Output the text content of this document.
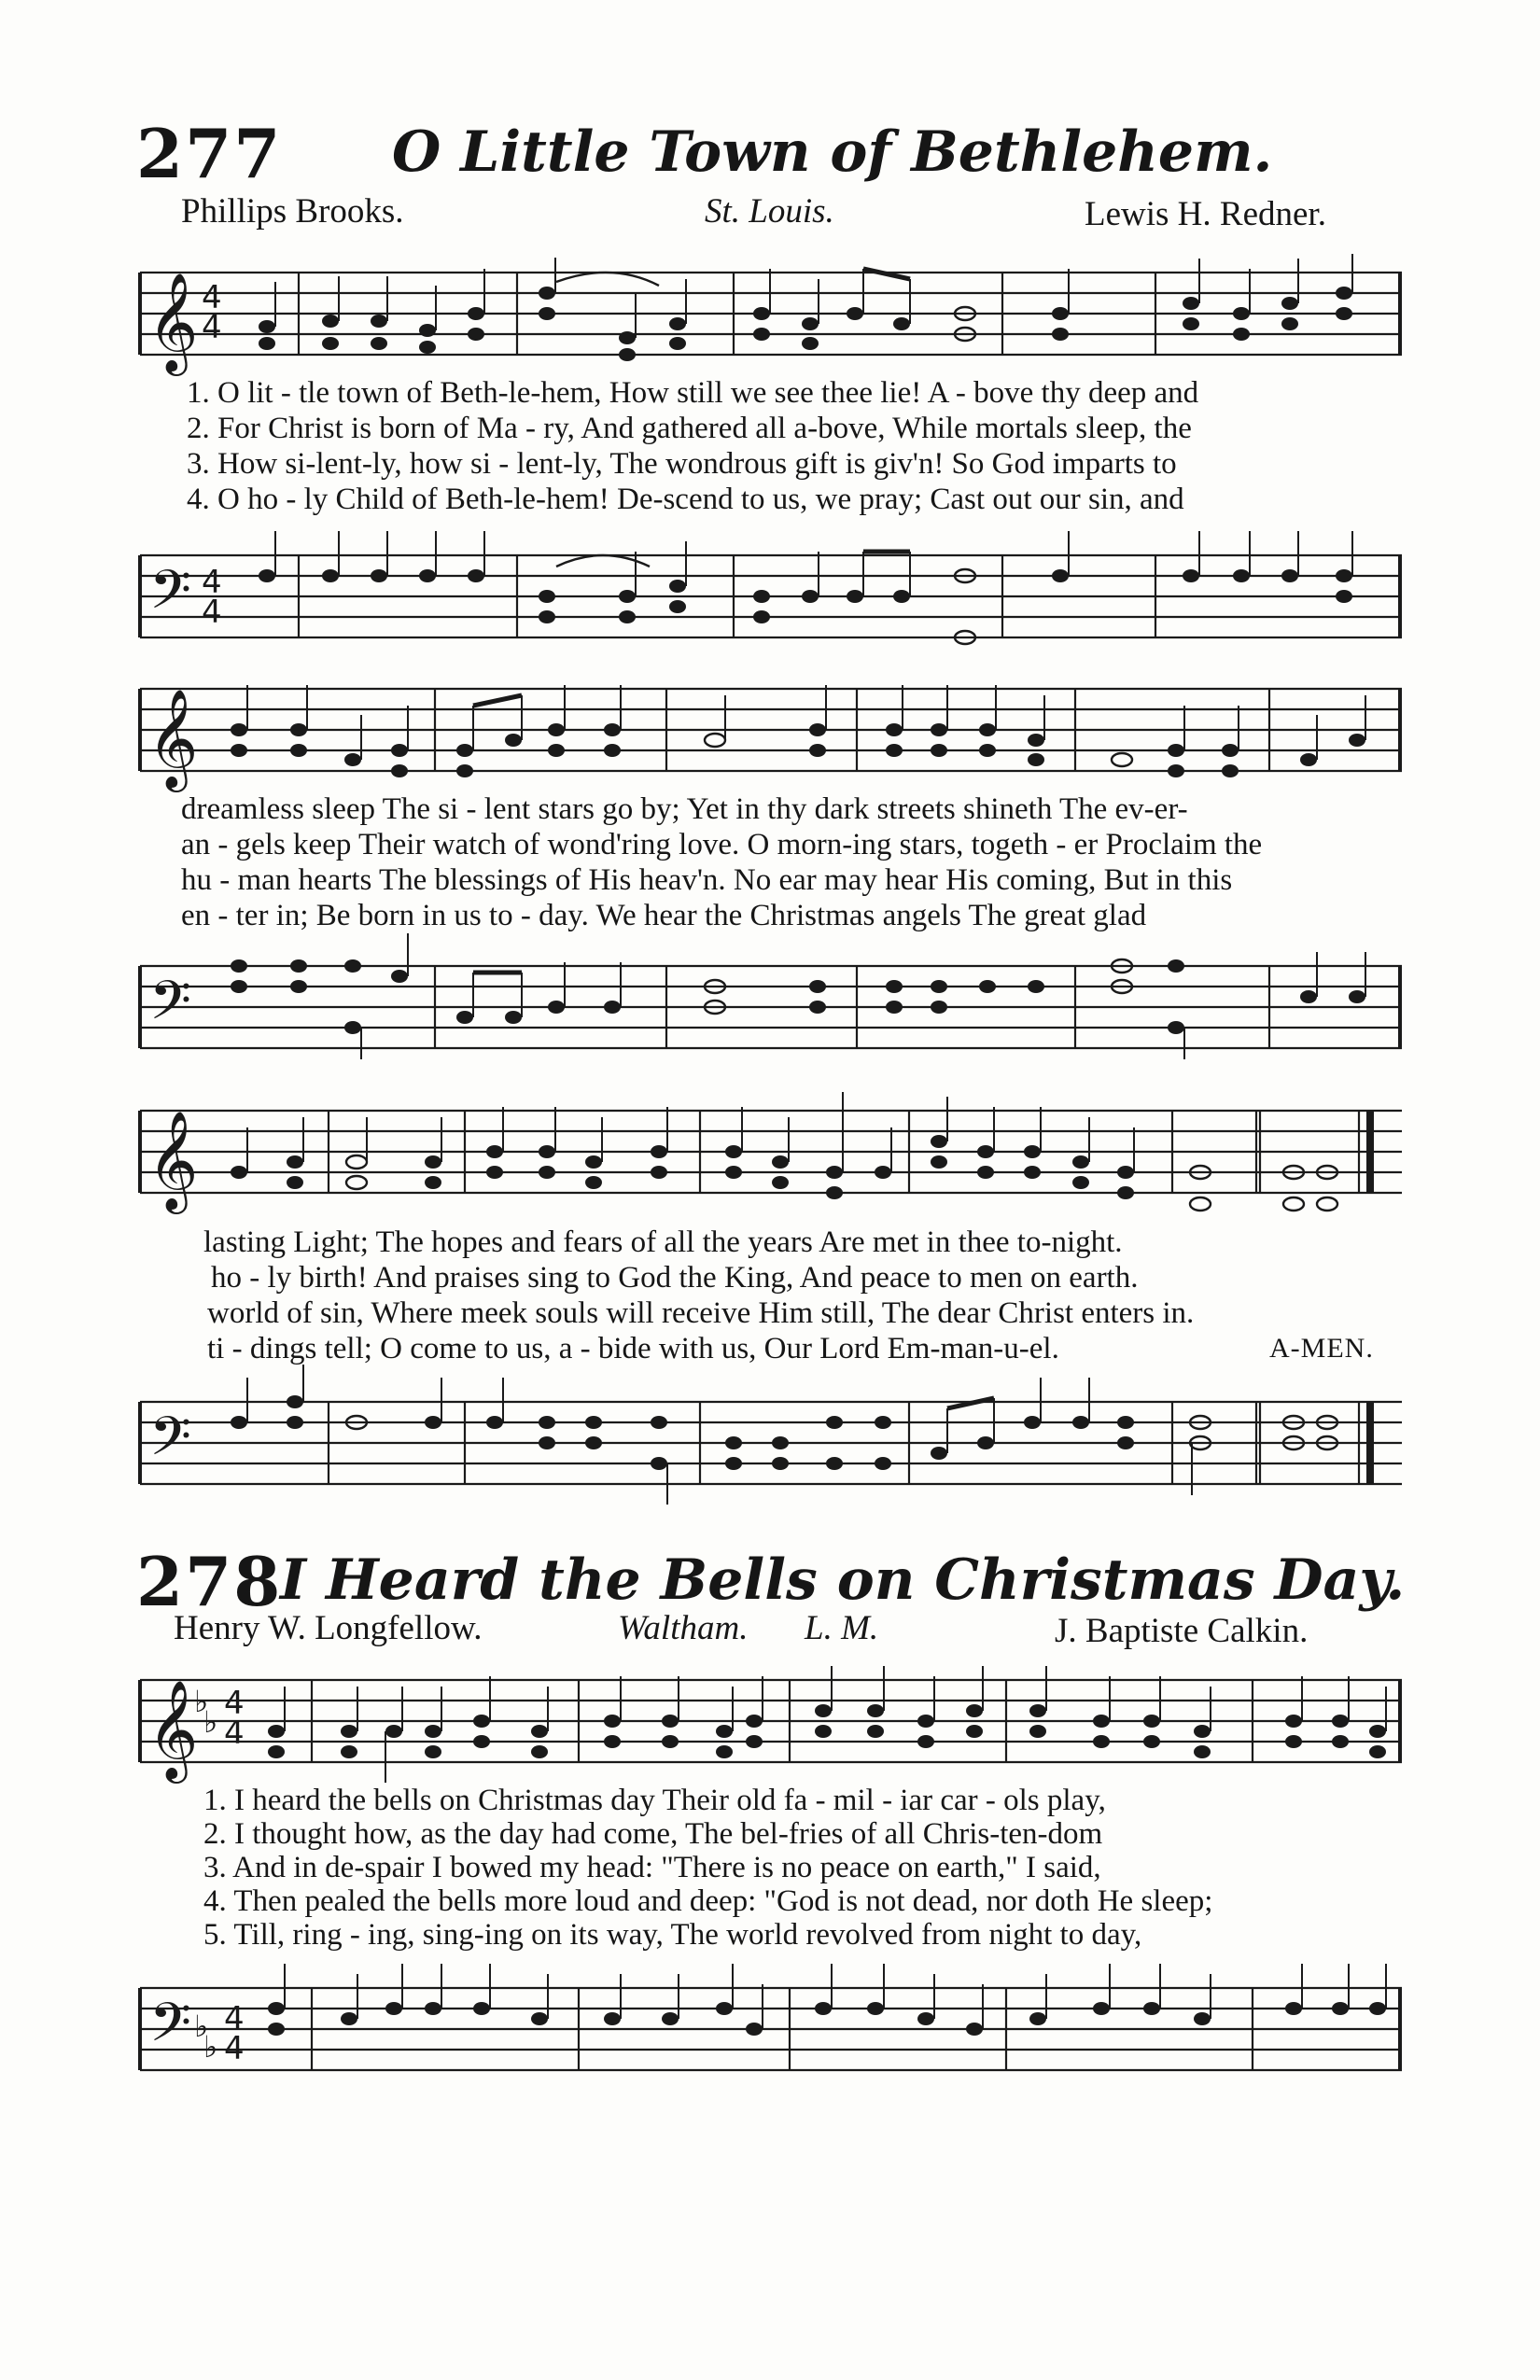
277 O Little Town of Bethlehem.
Phillips Brooks.	St. Louis.	Lewis H. Redner.
𝄞 4
4
1. O lit - tle town of Beth-le-hem, How still we see thee lie! A - bove thy deep and
2. For Christ is born of Ma - ry, And gathered all a-bove, While mortals sleep, the
3. How si-lent-ly, how si - lent-ly, The wondrous gift is giv'n! So God imparts to
4. O ho - ly Child of Beth-le-hem! De-scend to us, we pray; Cast out our sin, and
𝄢 4
4
𝄞
dreamless sleep The si - lent stars go by; Yet in thy dark streets shineth The ev-er-
an - gels keep Their watch of wond'ring love. O morn-ing stars, togeth - er Proclaim the
hu - man hearts The blessings of His heav'n. No ear may hear His coming, But in this
en - ter in; Be born in us to - day. We hear the Christmas angels The great glad
𝄢
𝄞
lasting Light; The hopes and fears of all the years Are met in thee to-night.
ho - ly birth! And praises sing to God the King, And peace to men on earth.
world of sin, Where meek souls will receive Him still, The dear Christ enters in.
ti - dings tell; O come to us, a - bide with us, Our Lord Em-man-u-el.	A-MEN.
𝄢
278
I Heard the Bells on Christmas Day.
Henry W. Longfellow.	Waltham. L. M.	J. Baptiste Calkin.
𝄞
♭
♭ 4
4
1. I heard the bells on Christmas day Their old fa - mil - iar car - ols play,
2. I thought how, as the day had come, The bel-fries of all Chris-ten-dom
3. And in de-spair I bowed my head: "There is no peace on earth," I said,
4. Then pealed the bells more loud and deep: "God is not dead, nor doth He sleep;
5. Till, ring - ing, sing-ing on its way, The world revolved from night to day,
𝄢 ♭
♭
4
4
